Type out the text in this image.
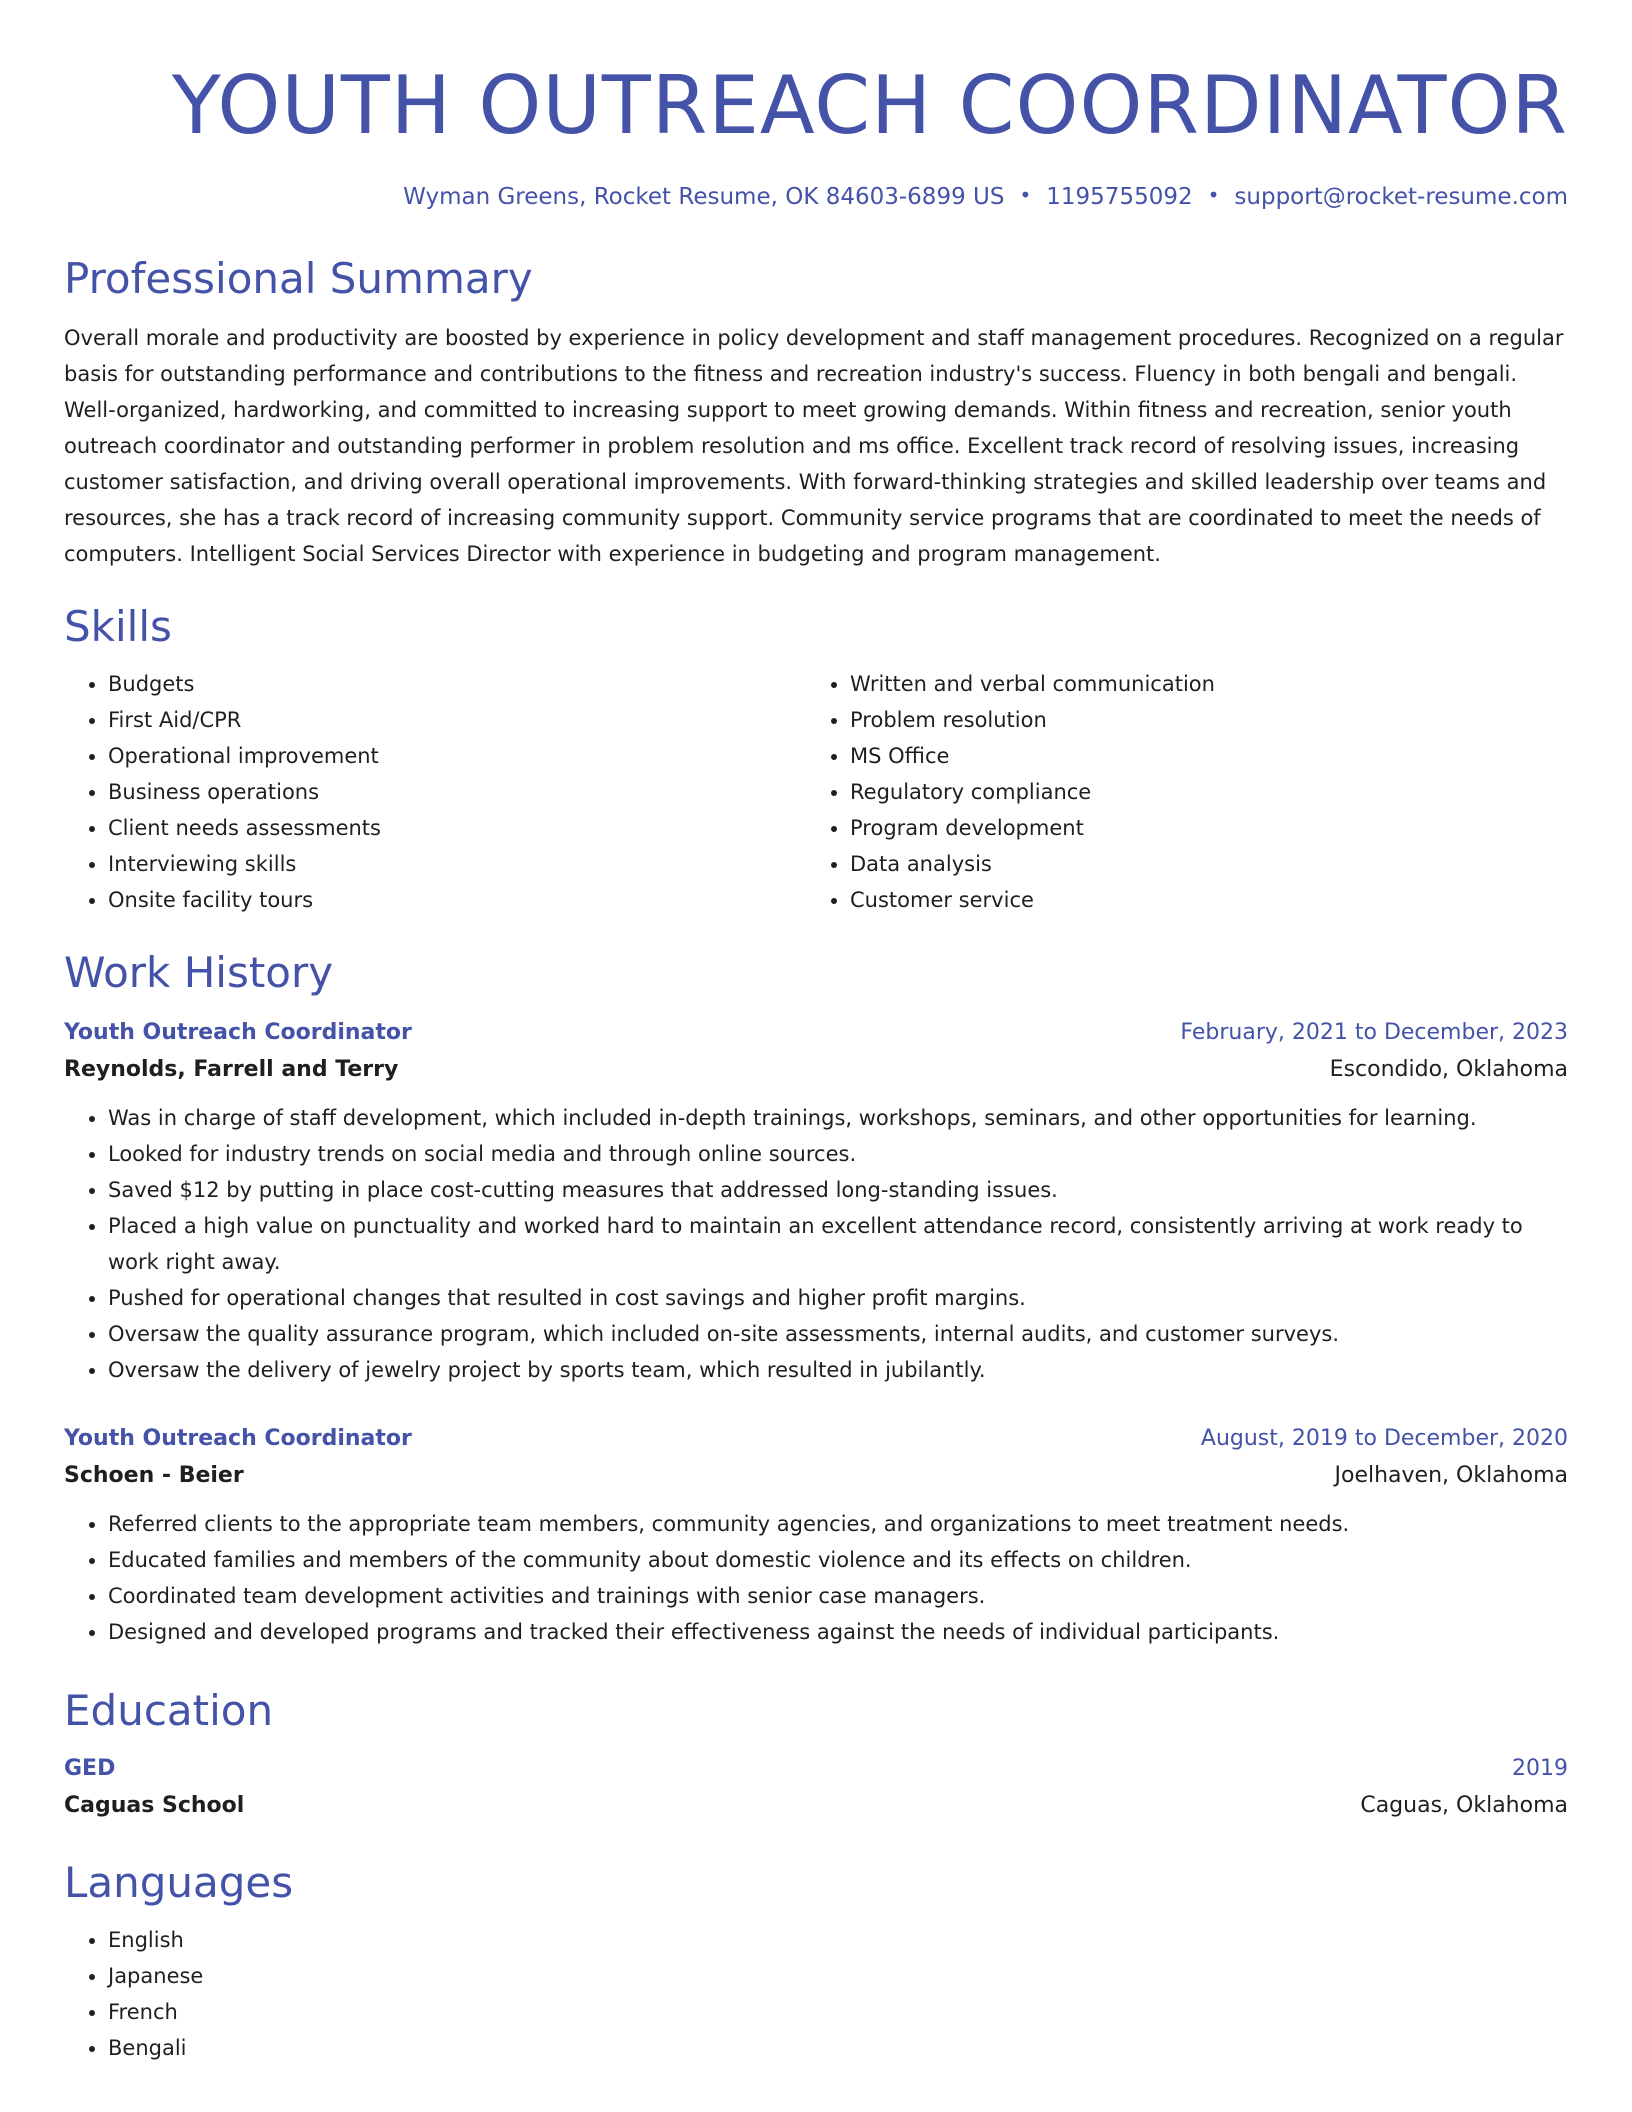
YOUTH OUTREACH COORDINATOR
Wyman Greens, Rocket Resume, OK 84603-6899 US • 1195755092 • support@rocket-resume.com
Professional Summary
Overall morale and productivity are boosted by experience in policy development and staff management procedures. Recognized on a regular basis for outstanding performance and contributions to the fitness and recreation industry's success. Fluency in both bengali and bengali. Well-organized, hardworking, and committed to increasing support to meet growing demands. Within fitness and recreation, senior youth outreach coordinator and outstanding performer in problem resolution and ms office. Excellent track record of resolving issues, increasing customer satisfaction, and driving overall operational improvements. With forward-thinking strategies and skilled leadership over teams and resources, she has a track record of increasing community support. Community service programs that are coordinated to meet the needs of computers. Intelligent Social Services Director with experience in budgeting and program management.
Skills
• Budgets
• First Aid/CPR
• Operational improvement
• Business operations
• Client needs assessments
• Interviewing skills
• Onsite facility tours
• Written and verbal communication
• Problem resolution
• MS Office
• Regulatory compliance
• Program development
• Data analysis
• Customer service
Work History
Youth Outreach Coordinator	February, 2021 to December, 2023
Reynolds, Farrell and Terry	Escondido, Oklahoma
• Was in charge of staff development, which included in-depth trainings, workshops, seminars, and other opportunities for learning.
• Looked for industry trends on social media and through online sources.
• Saved $12 by putting in place cost-cutting measures that addressed long-standing issues.
• Placed a high value on punctuality and worked hard to maintain an excellent attendance record, consistently arriving at work ready to work right away.
• Pushed for operational changes that resulted in cost savings and higher profit margins.
• Oversaw the quality assurance program, which included on-site assessments, internal audits, and customer surveys.
• Oversaw the delivery of jewelry project by sports team, which resulted in jubilantly.
Youth Outreach Coordinator	August, 2019 to December, 2020
Schoen - Beier	Joelhaven, Oklahoma
• Referred clients to the appropriate team members, community agencies, and organizations to meet treatment needs.
• Educated families and members of the community about domestic violence and its effects on children.
• Coordinated team development activities and trainings with senior case managers.
• Designed and developed programs and tracked their effectiveness against the needs of individual participants.
Education
GED	2019
Caguas School	Caguas, Oklahoma
Languages
• English
• Japanese
• French
• Bengali
